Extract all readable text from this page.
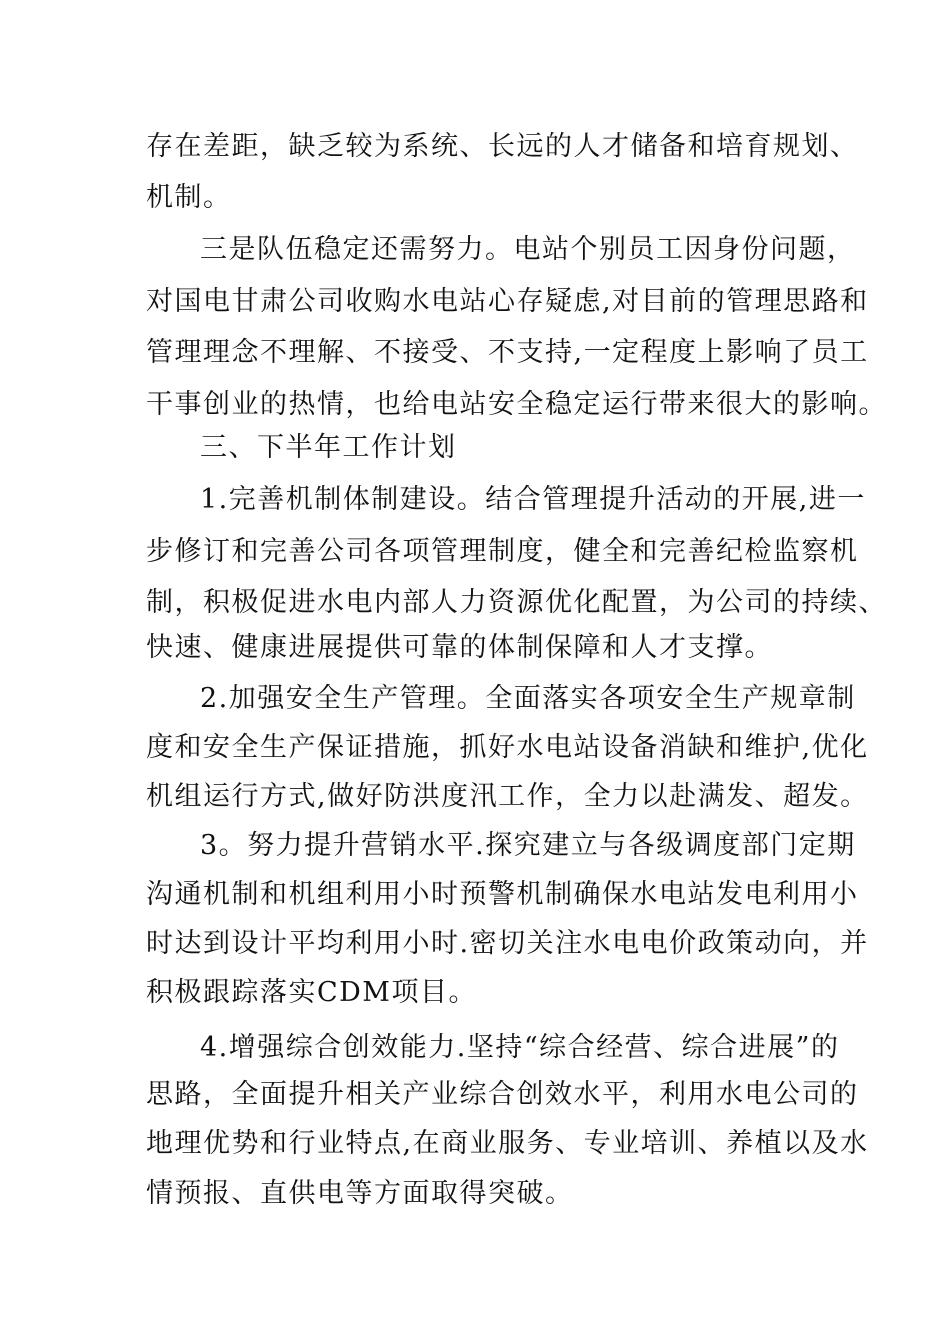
存在差距，缺乏较为系统、长远的人才储备和培育规划、
机制。
三是队伍稳定还需努力。电站个别员工因身份问题，
对国电甘肃公司收购水电站心存疑虑,对目前的管理思路和
管理理念不理解、不接受、不支持,一定程度上影响了员工
干事创业的热情，也给电站安全稳定运行带来很大的影响。
三、下半年工作计划
1.完善机制体制建设。结合管理提升活动的开展,进一
步修订和完善公司各项管理制度，健全和完善纪检监察机
制，积极促进水电内部人力资源优化配置，为公司的持续、
快速、健康进展提供可靠的体制保障和人才支撑。
2.加强安全生产管理。全面落实各项安全生产规章制
度和安全生产保证措施，抓好水电站设备消缺和维护,优化
机组运行方式,做好防洪度汛工作，全力以赴满发、超发。
3。努力提升营销水平.探究建立与各级调度部门定期
沟通机制和机组利用小时预警机制确保水电站发电利用小
时达到设计平均利用小时.密切关注水电电价政策动向，并
积极跟踪落实CDM项目。
4.增强综合创效能力.坚持“综合经营、综合进展”的
思路，全面提升相关产业综合创效水平，利用水电公司的
地理优势和行业特点,在商业服务、专业培训、养植以及水
情预报、直供电等方面取得突破。
